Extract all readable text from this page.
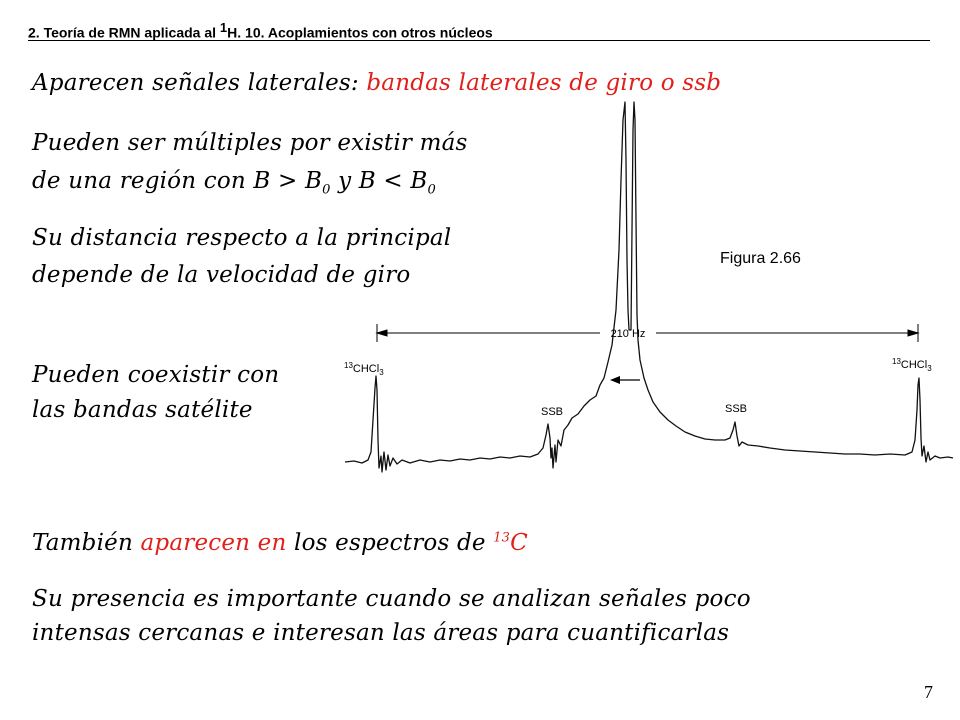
2. Teoría de RMN aplicada al $^1$H. 10. Acoplamientos con otros núcleos
Aparecen señales laterales: bandas laterales de giro o ssb
Pueden ser múltiples por existir más
de una región con $B > B_0$ y $B < B_0$
Su distancia respecto a la principal
depende de la velocidad de giro
Pueden coexistir con
las bandas satélite
También aparecen en los espectros de $^{13}$C
Su presencia es importante cuando se analizan señales poco
intensas cercanas e interesan las áreas para cuantificarlas
Figura 2.66
210 Hz
$^{13}$CHCl$_3$
$^{13}$CHCl$_3$
SSB	SSB
7
